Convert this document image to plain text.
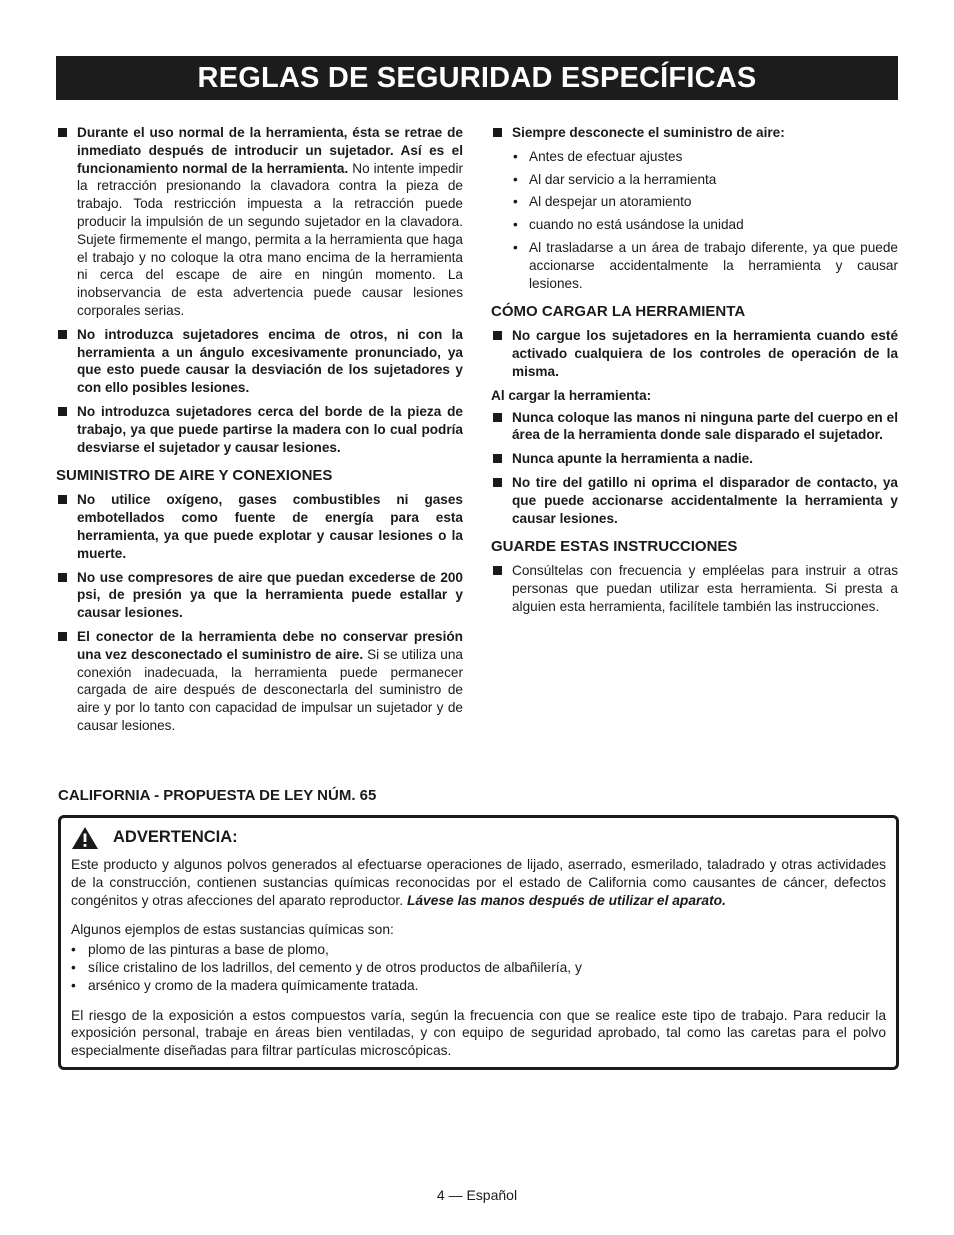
REGLAS DE SEGURIDAD ESPECÍFICAS
Durante el uso normal de la herramienta, ésta se retrae de inmediato después de introducir un sujetador. Así es el funcionamiento normal de la herramienta. No intente impedir la retracción presionando la clavadora contra la pieza de trabajo. Toda restricción impuesta a la retracción puede producir la impulsión de un segundo sujetador en la clavadora. Sujete firmemente el mango, permita a la herramienta que haga el trabajo y no coloque la otra mano encima de la herramienta ni cerca del escape de aire en ningún momento. La inobservancia de esta advertencia puede causar lesiones corporales serias.
No introduzca sujetadores encima de otros, ni con la herramienta a un ángulo excesivamente pronunciado, ya que esto puede causar la desviación de los sujetadores y con ello posibles lesiones.
No introduzca sujetadores cerca del borde de la pieza de trabajo, ya que puede partirse la madera con lo cual podría desviarse el sujetador y causar lesiones.
SUMINISTRO DE AIRE Y CONEXIONES
No utilice oxígeno, gases combustibles ni gases embotellados como fuente de energía para esta herramienta, ya que puede explotar y causar lesiones o la muerte.
No use compresores de aire que puedan excederse de 200 psi, de presión ya que la herramienta puede estallar y causar lesiones.
El conector de la herramienta debe no conservar presión una vez desconectado el suministro de aire. Si se utiliza una conexión inadecuada, la herramienta puede permanecer cargada de aire después de desconectarla del suministro de aire y por lo tanto con capacidad de impulsar un sujetador y de causar lesiones.
Siempre desconecte el suministro de aire:
• Antes de efectuar ajustes
• Al dar servicio a la herramienta
• Al despejar un atoramiento
• cuando no está usándose la unidad
• Al trasladarse a un área de trabajo diferente, ya que puede accionarse accidentalmente la herramienta y causar lesiones.
CÓMO CARGAR LA HERRAMIENTA
No cargue los sujetadores en la herramienta cuando esté activado cualquiera de los controles de operación de la misma.
Al cargar la herramienta:
Nunca coloque las manos ni ninguna parte del cuerpo en el área de la herramienta donde sale disparado el sujetador.
Nunca apunte la herramienta a nadie.
No tire del gatillo ni oprima el disparador de contacto, ya que puede accionarse accidentalmente la herramienta y causar lesiones.
GUARDE ESTAS INSTRUCCIONES
Consúltelas con frecuencia y empléelas para instruir a otras personas que puedan utilizar esta herramienta. Si presta a alguien esta herramienta, facilítele también las instrucciones.
CALIFORNIA - PROPUESTA DE LEY NÚM. 65
ADVERTENCIA:

Este producto y algunos polvos generados al efectuarse operaciones de lijado, aserrado, esmerilado, taladrado y otras actividades de la construcción, contienen sustancias químicas reconocidas por el estado de California como causantes de cáncer, defectos congénitos y otras afecciones del aparato reproductor. Lávese las manos después de utilizar el aparato.

Algunos ejemplos de estas sustancias químicas son:
• plomo de las pinturas a base de plomo,
• sílice cristalino de los ladrillos, del cemento y de otros productos de albañilería, y
• arsénico y cromo de la madera químicamente tratada.

El riesgo de la exposición a estos compuestos varía, según la frecuencia con que se realice este tipo de trabajo. Para reducir la exposición personal, trabaje en áreas bien ventiladas, y con equipo de seguridad aprobado, tal como las caretas para el polvo especialmente diseñadas para filtrar partículas microscópicas.

4 — Español
